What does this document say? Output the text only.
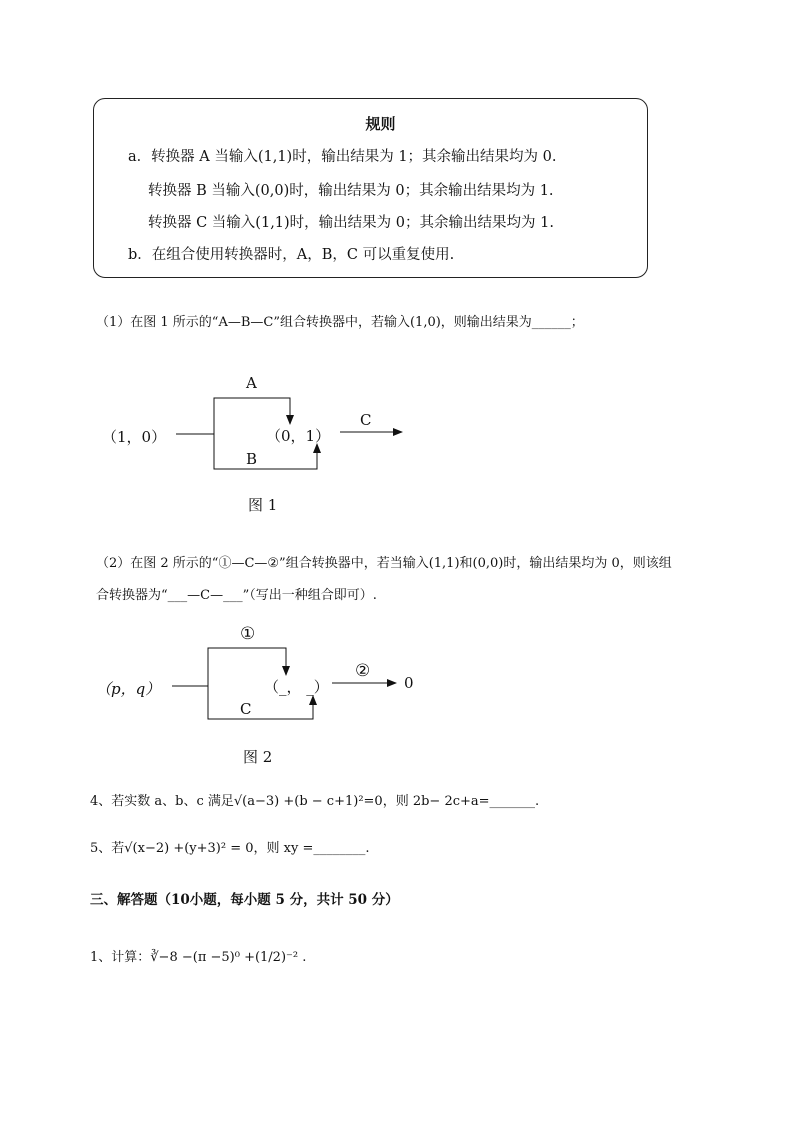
规则
a．转换器 A 当输入(1,1)时，输出结果为 1；其余输出结果均为 0.
转换器 B 当输入(0,0)时，输出结果为 0；其余输出结果均为 1.
转换器 C 当输入(1,1)时，输出结果为 0；其余输出结果均为 1.
b．在组合使用转换器时，A，B，C 可以重复使用.
（1）在图 1 所示的“A—B—C”组合转换器中，若输入(1,0)，则输出结果为______；
（1，0）
A
B
（0，1）
C
图 1
（2）在图 2 所示的“①—C—②”组合转换器中，若当输入(1,1)和(0,0)时，输出结果均为 0，则该组
合转换器为“___—C—___”（写出一种组合即可）.
（p，q）
①
C
（_， _）
②
0
图 2
4、若实数 a、b、c 满足√(a−3) +(b − c+1)²=0，则 2b− 2c+a=_______.
5、若√(x−2) +(y+3)² = 0，则 xy =________.
三、解答题（10小题，每小题 5 分，共计 50 分）
1、计算：∛−8 −(π −5)⁰ +(1/2)⁻² .
